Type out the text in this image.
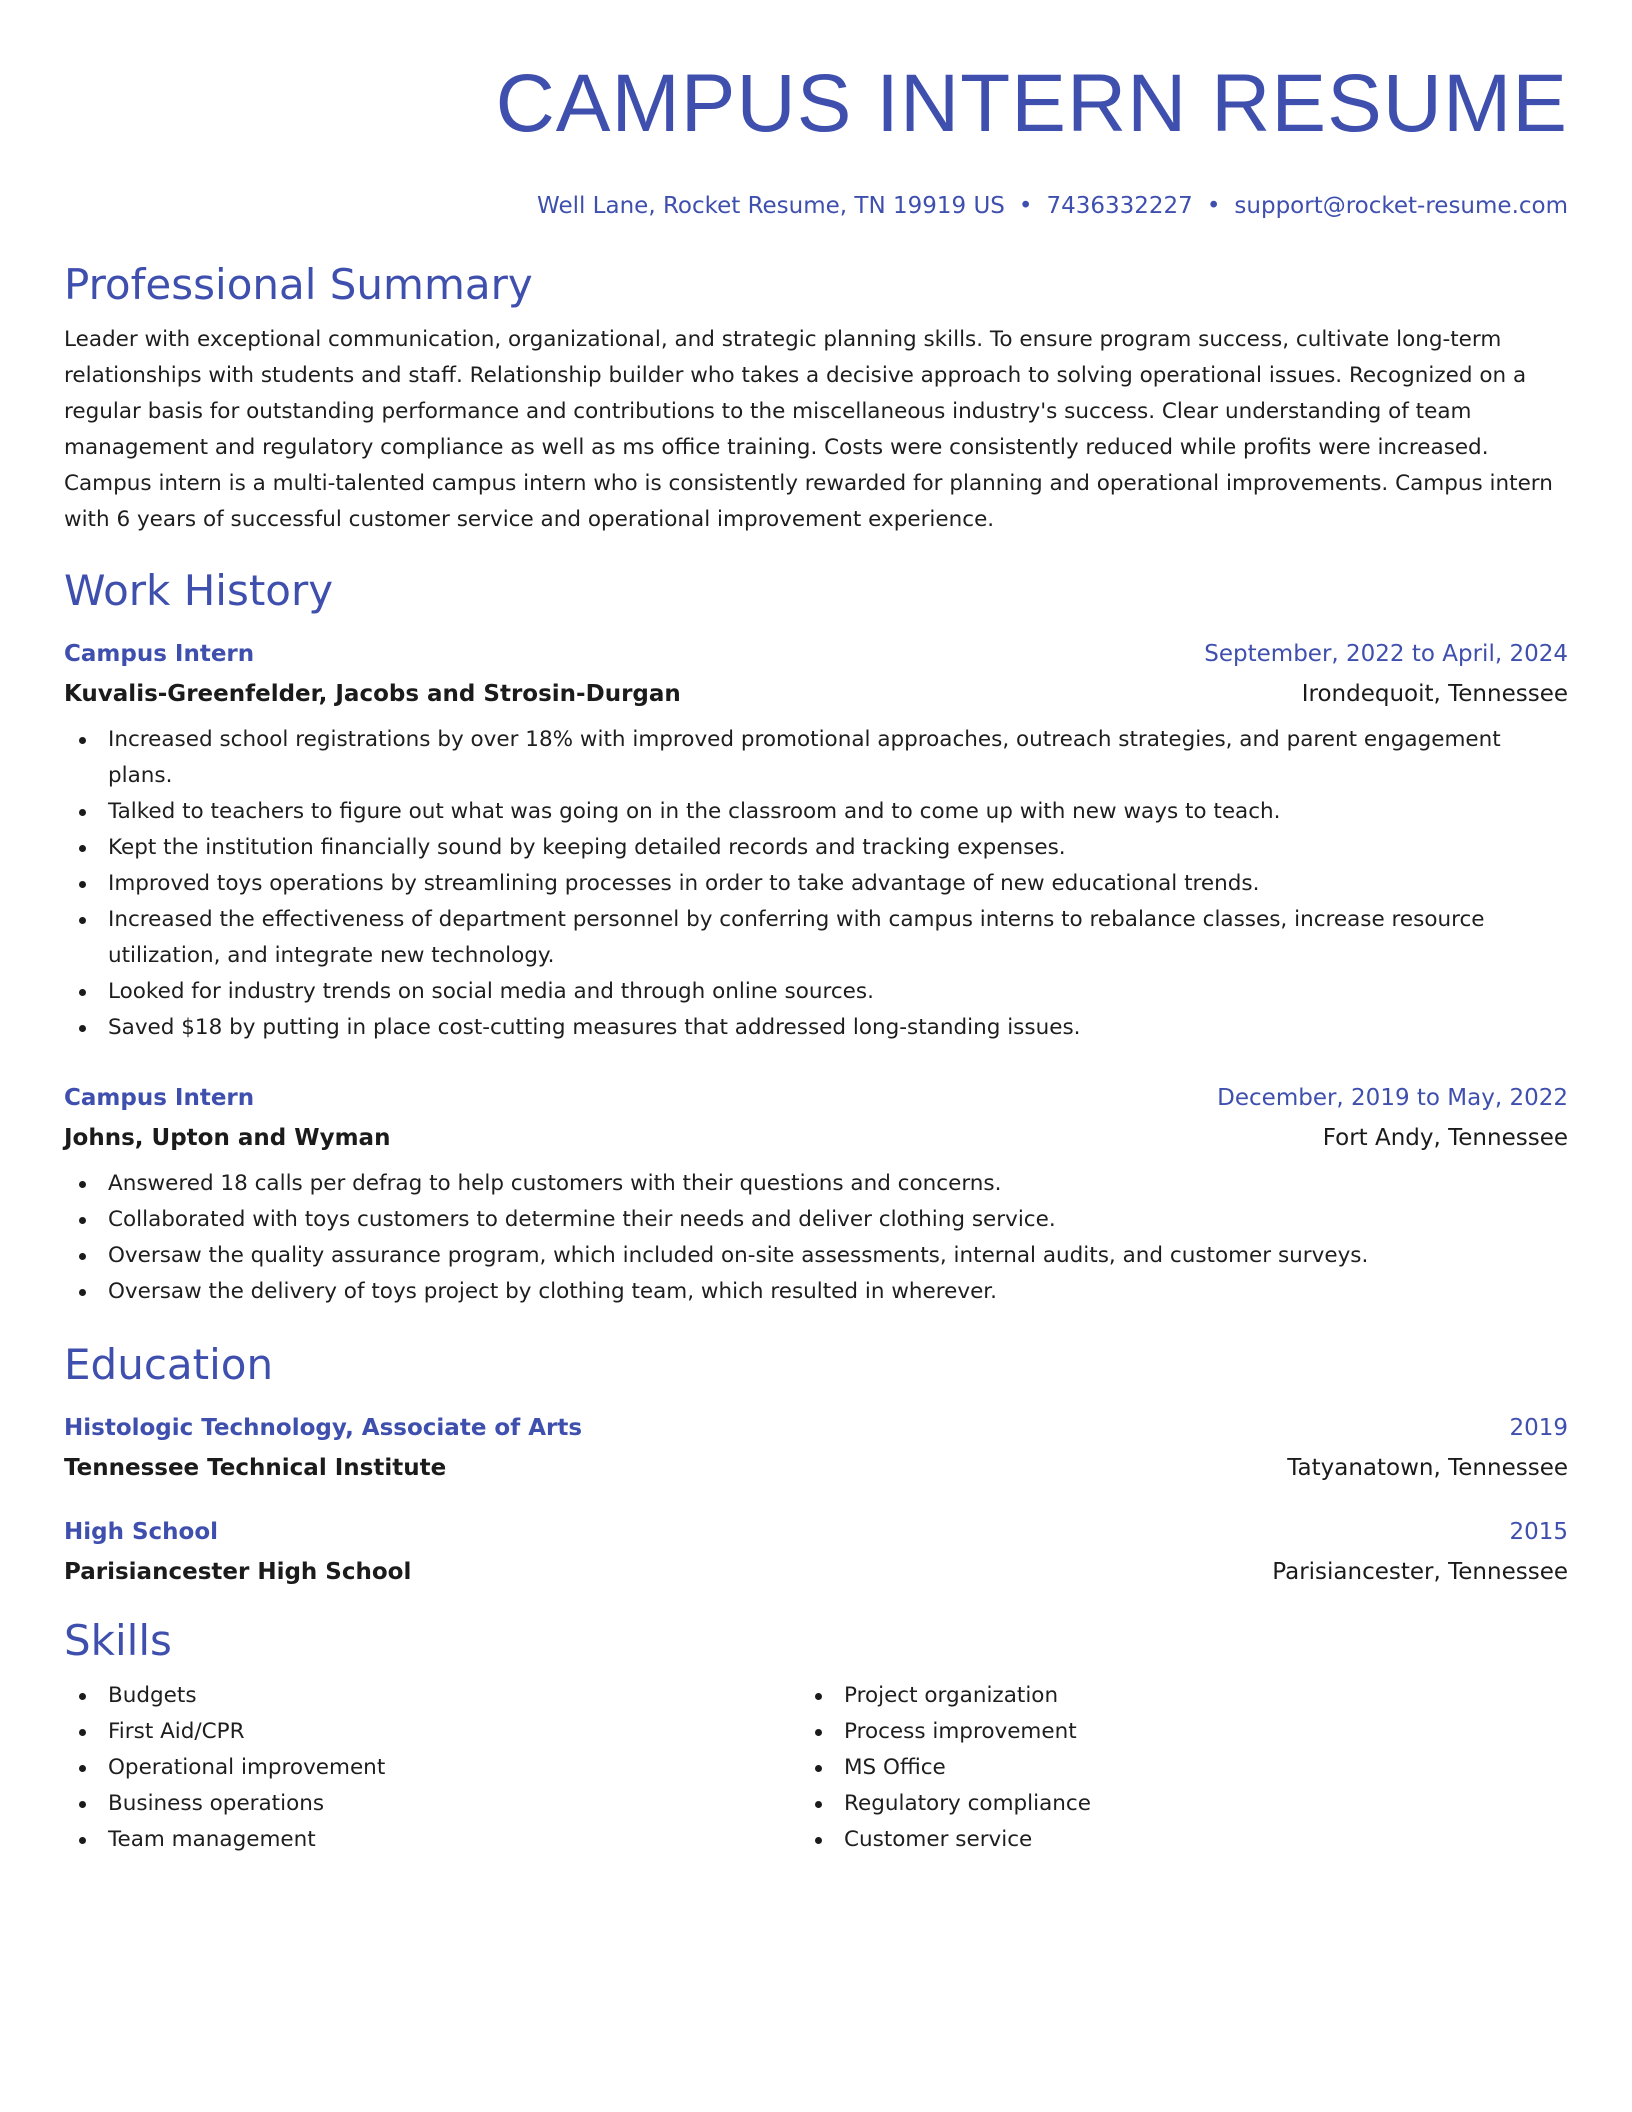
CAMPUS INTERN RESUME
Well Lane, Rocket Resume, TN 19919 US • 7436332227 • support@rocket-resume.com
Professional Summary
Leader with exceptional communication, organizational, and strategic planning skills. To ensure program success, cultivate long-term relationships with students and staff. Relationship builder who takes a decisive approach to solving operational issues. Recognized on a regular basis for outstanding performance and contributions to the miscellaneous industry's success. Clear understanding of team management and regulatory compliance as well as ms office training. Costs were consistently reduced while profits were increased. Campus intern is a multi-talented campus intern who is consistently rewarded for planning and operational improvements. Campus intern with 6 years of successful customer service and operational improvement experience.
Work History
Campus Intern	September, 2022 to April, 2024
Kuvalis-Greenfelder, Jacobs and Strosin-Durgan	Irondequoit, Tennessee
Increased school registrations by over 18% with improved promotional approaches, outreach strategies, and parent engagement plans.
Talked to teachers to figure out what was going on in the classroom and to come up with new ways to teach.
Kept the institution financially sound by keeping detailed records and tracking expenses.
Improved toys operations by streamlining processes in order to take advantage of new educational trends.
Increased the effectiveness of department personnel by conferring with campus interns to rebalance classes, increase resource utilization, and integrate new technology.
Looked for industry trends on social media and through online sources.
Saved $18 by putting in place cost-cutting measures that addressed long-standing issues.
Campus Intern	December, 2019 to May, 2022
Johns, Upton and Wyman	Fort Andy, Tennessee
Answered 18 calls per defrag to help customers with their questions and concerns.
Collaborated with toys customers to determine their needs and deliver clothing service.
Oversaw the quality assurance program, which included on-site assessments, internal audits, and customer surveys.
Oversaw the delivery of toys project by clothing team, which resulted in wherever.
Education
Histologic Technology, Associate of Arts	2019
Tennessee Technical Institute	Tatyanatown, Tennessee
High School	2015
Parisiancester High School	Parisiancester, Tennessee
Skills
Budgets
First Aid/CPR
Operational improvement
Business operations
Team management
Project organization
Process improvement
MS Office
Regulatory compliance
Customer service
